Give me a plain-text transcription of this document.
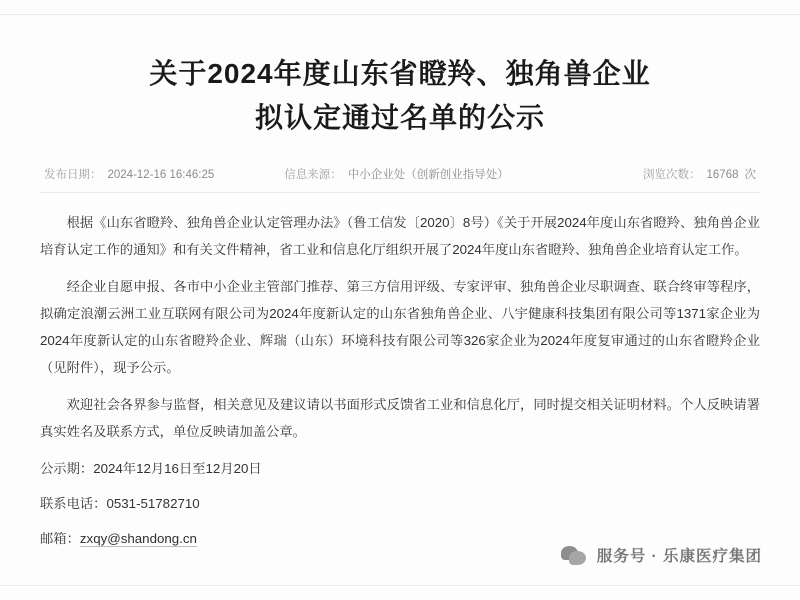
关于2024年度山东省瞪羚、独角兽企业
拟认定通过名单的公示
发布日期： 2024-12-16 16:46:25	信息来源： 中小企业处（创新创业指导处）	浏览次数： 16768 次

根据《山东省瞪羚、独角兽企业认定管理办法》（鲁工信发〔2020〕8号）《关于开展2024年度山东省瞪羚、独角兽企业培育认定工作的通知》和有关文件精神，省工业和信息化厅组织开展了2024年度山东省瞪羚、独角兽企业培育认定工作。

经企业自愿申报、各市中小企业主管部门推荐、第三方信用评级、专家评审、独角兽企业尽职调查、联合终审等程序，拟确定浪潮云洲工业互联网有限公司为2024年度新认定的山东省独角兽企业、八宇健康科技集团有限公司等1371家企业为2024年度新认定的山东省瞪羚企业、辉瑞（山东）环境科技有限公司等326家企业为2024年度复审通过的山东省瞪羚企业（见附件），现予公示。

欢迎社会各界参与监督，相关意见及建议请以书面形式反馈省工业和信息化厅，同时提交相关证明材料。个人反映请署真实姓名及联系方式，单位反映请加盖公章。

公示期：2024年12月16日至12月20日

联系电话：0531-51782710

邮箱：zxqy@shandong.cn

服务号 · 乐康医疗集团
